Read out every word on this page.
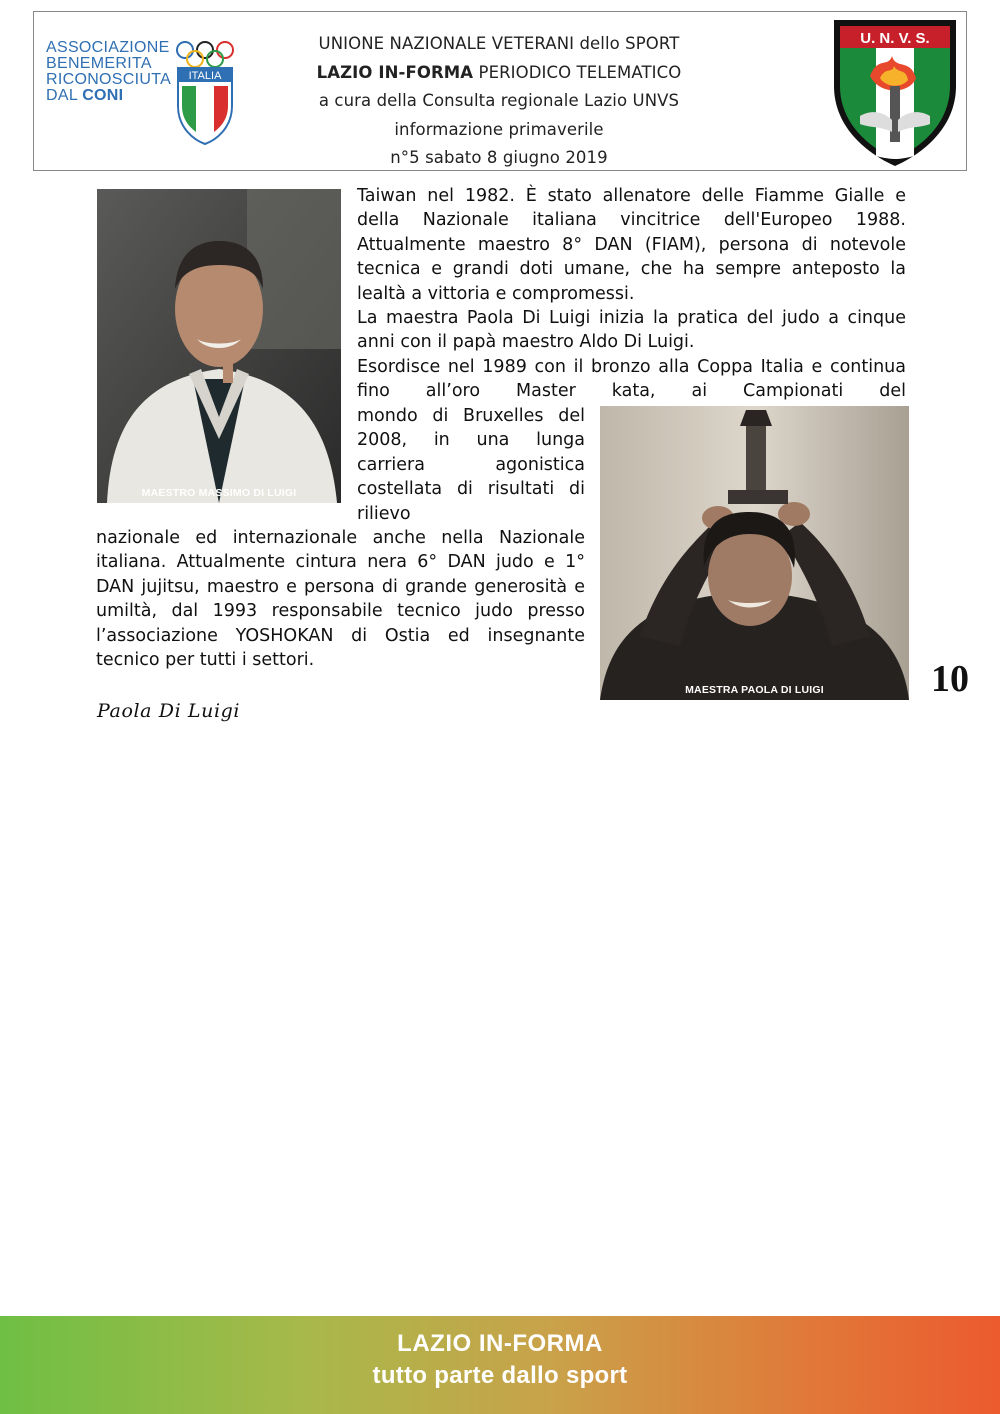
ASSOCIAZIONE
BENEMERITA
RICONOSCIUTA
DAL CONI
ITALIA
UNIONE NAZIONALE VETERANI dello SPORT
LAZIO IN-FORMA PERIODICO TELEMATICO
a cura della Consulta regionale Lazio UNVS
informazione primaverile
n°5 sabato 8 giugno 2019
U. N. V. S.

Taiwan nel 1982. È stato allenatore delle Fiamme Gialle e della Nazionale italiana vincitrice dell'Europeo 1988. Attualmente maestro 8° DAN (FIAM), persona di notevole tecnica e grandi doti umane, che ha sempre anteposto la lealtà a vittoria e compromessi.

La maestra Paola Di Luigi inizia la pratica del judo a cinque anni con il papà maestro Aldo Di Luigi.

Esordisce nel 1989 con il bronzo alla Coppa Italia e continua fino all’oro Master kata, ai Campionati del

mondo di Bruxelles del 2008, in una lunga carriera agonistica costellata di risultati di rilievo

nazionale ed internazionale anche nella Nazionale italiana. Attualmente cintura nera 6° DAN judo e 1° DAN jujitsu, maestro e persona di grande generosità e umiltà, dal 1993 responsabile tecnico judo presso l’associazione YOSHOKAN di Ostia ed insegnante tecnico per tutti i settori.

MAESTRO MASSIMO DI LUIGI
MAESTRA PAOLA DI LUIGI
Paola Di Luigi
10
LAZIO IN-FORMA
tutto parte dallo sport
